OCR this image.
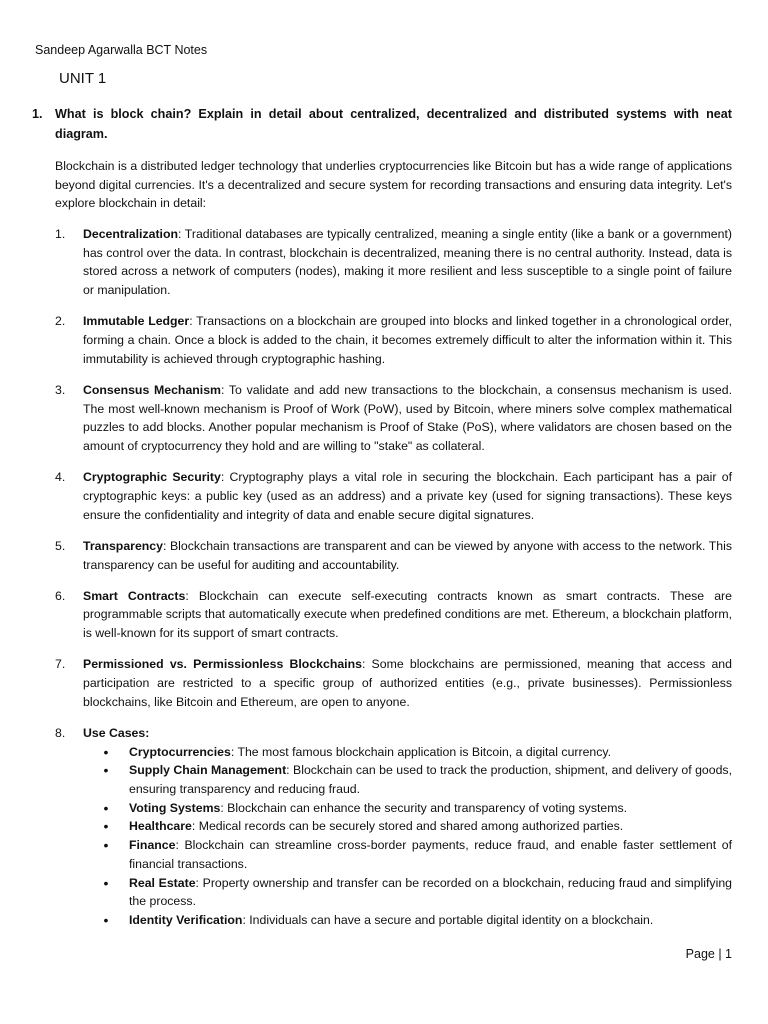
Sandeep Agarwalla BCT Notes
UNIT 1
1. What is block chain? Explain in detail about centralized, decentralized and distributed systems with neat diagram.

Blockchain is a distributed ledger technology that underlies cryptocurrencies like Bitcoin but has a wide range of applications beyond digital currencies. It's a decentralized and secure system for recording transactions and ensuring data integrity. Let's explore blockchain in detail:

1.	Decentralization: Traditional databases are typically centralized, meaning a single entity (like a bank or a government) has control over the data. In contrast, blockchain is decentralized, meaning there is no central authority. Instead, data is stored across a network of computers (nodes), making it more resilient and less susceptible to a single point of failure or manipulation.
2.	Immutable Ledger: Transactions on a blockchain are grouped into blocks and linked together in a chronological order, forming a chain. Once a block is added to the chain, it becomes extremely difficult to alter the information within it. This immutability is achieved through cryptographic hashing.
3.	Consensus Mechanism: To validate and add new transactions to the blockchain, a consensus mechanism is used. The most well-known mechanism is Proof of Work (PoW), used by Bitcoin, where miners solve complex mathematical puzzles to add blocks. Another popular mechanism is Proof of Stake (PoS), where validators are chosen based on the amount of cryptocurrency they hold and are willing to "stake" as collateral.
4.	Cryptographic Security: Cryptography plays a vital role in securing the blockchain. Each participant has a pair of cryptographic keys: a public key (used as an address) and a private key (used for signing transactions). These keys ensure the confidentiality and integrity of data and enable secure digital signatures.
5.	Transparency: Blockchain transactions are transparent and can be viewed by anyone with access to the network. This transparency can be useful for auditing and accountability.
6.	Smart Contracts: Blockchain can execute self-executing contracts known as smart contracts. These are programmable scripts that automatically execute when predefined conditions are met. Ethereum, a blockchain platform, is well-known for its support of smart contracts.
7.	Permissioned vs. Permissionless Blockchains: Some blockchains are permissioned, meaning that access and participation are restricted to a specific group of authorized entities (e.g., private businesses). Permissionless blockchains, like Bitcoin and Ethereum, are open to anyone.
8.	Use Cases:
•	Cryptocurrencies: The most famous blockchain application is Bitcoin, a digital currency.
•	Supply Chain Management: Blockchain can be used to track the production, shipment, and delivery of goods, ensuring transparency and reducing fraud.
•	Voting Systems: Blockchain can enhance the security and transparency of voting systems.
•	Healthcare: Medical records can be securely stored and shared among authorized parties.
•	Finance: Blockchain can streamline cross-border payments, reduce fraud, and enable faster settlement of financial transactions.
•	Real Estate: Property ownership and transfer can be recorded on a blockchain, reducing fraud and simplifying the process.
•	Identity Verification: Individuals can have a secure and portable digital identity on a blockchain.
Page | 1
